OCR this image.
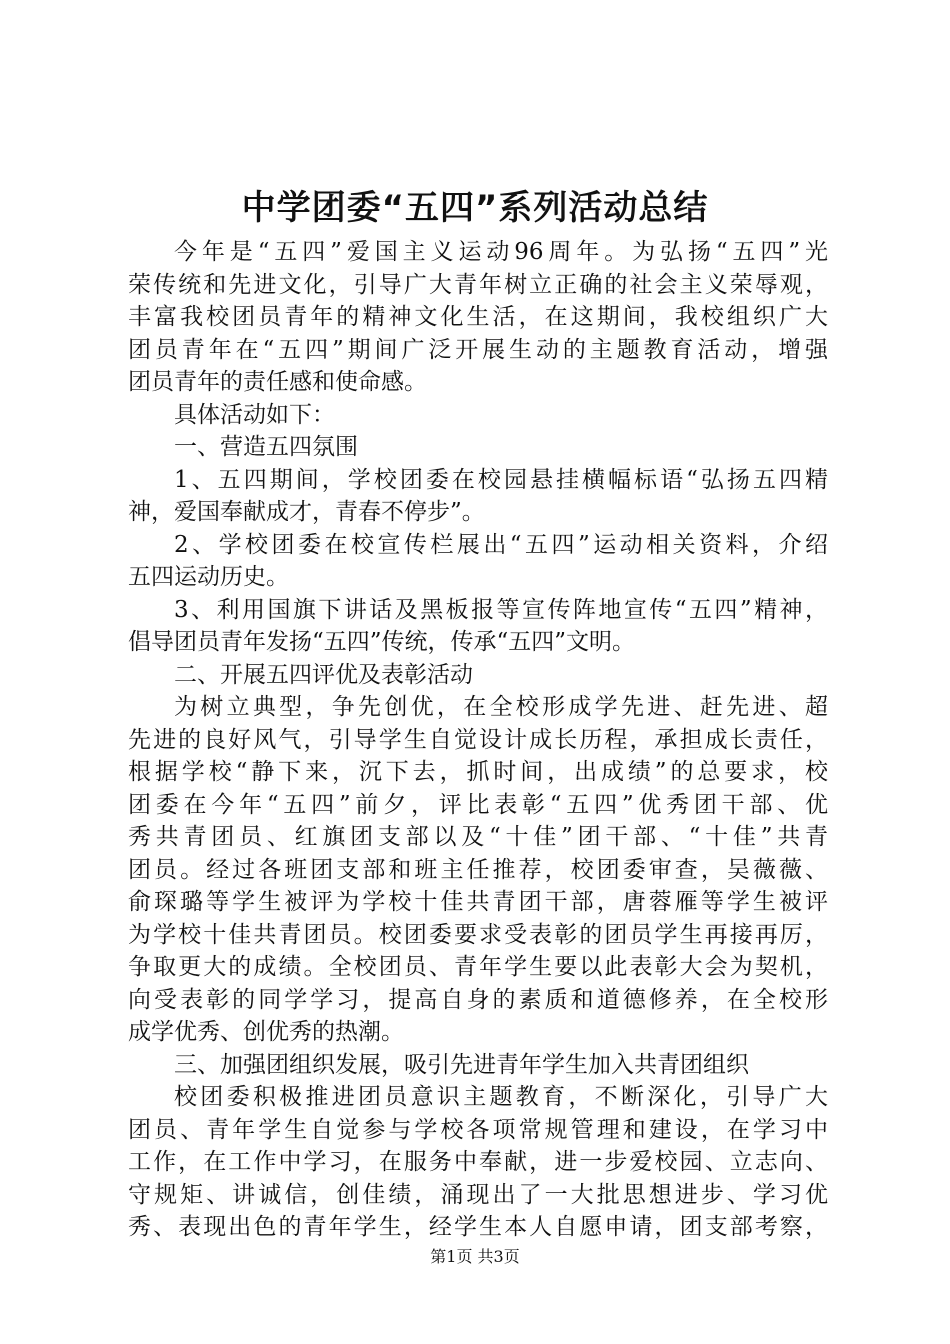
中学团委“五四”系列活动总结
今年是“五四”爱国主义运动96周年。为弘扬“五四”光
荣传统和先进文化，引导广大青年树立正确的社会主义荣辱观，
丰富我校团员青年的精神文化生活，在这期间，我校组织广大
团员青年在“五四”期间广泛开展生动的主题教育活动，增强
团员青年的责任感和使命感。
具体活动如下：
一、营造五四氛围
1、五四期间，学校团委在校园悬挂横幅标语“弘扬五四精
神，爱国奉献成才，青春不停步”。
2、学校团委在校宣传栏展出“五四”运动相关资料，介绍
五四运动历史。
3、利用国旗下讲话及黑板报等宣传阵地宣传“五四”精神，
倡导团员青年发扬“五四”传统，传承“五四”文明。
二、开展五四评优及表彰活动
为树立典型，争先创优，在全校形成学先进、赶先进、超
先进的良好风气，引导学生自觉设计成长历程，承担成长责任，
根据学校“静下来，沉下去，抓时间，出成绩”的总要求，校
团委在今年“五四”前夕，评比表彰“五四”优秀团干部、优
秀共青团员、红旗团支部以及“十佳”团干部、“十佳”共青
团员。经过各班团支部和班主任推荐，校团委审查，吴薇薇、
俞琛璐等学生被评为学校十佳共青团干部，唐蓉雁等学生被评
为学校十佳共青团员。校团委要求受表彰的团员学生再接再厉，
争取更大的成绩。全校团员、青年学生要以此表彰大会为契机，
向受表彰的同学学习，提高自身的素质和道德修养，在全校形
成学优秀、创优秀的热潮。
三、加强团组织发展，吸引先进青年学生加入共青团组织
校团委积极推进团员意识主题教育，不断深化，引导广大
团员、青年学生自觉参与学校各项常规管理和建设，在学习中
工作，在工作中学习，在服务中奉献，进一步爱校园、立志向、
守规矩、讲诚信，创佳绩，涌现出了一大批思想进步、学习优
秀、表现出色的青年学生，经学生本人自愿申请，团支部考察，
第1页 共3页
